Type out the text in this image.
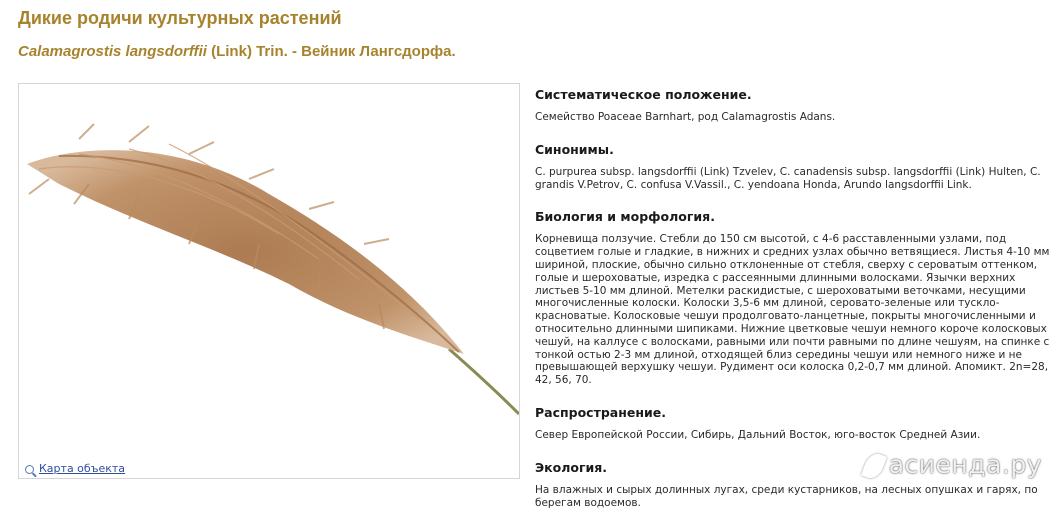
Дикие родичи культурных растений
Calamagrostis langsdorffii (Link) Trin. - Вейник Лангсдорфа.
Карта объекта
Систематическое положение.

Семейство Poaceae Barnhart, род Calamagrostis Adans.

Синонимы.

C. purpurea subsp. langsdorffii (Link) Tzvelev, C. canadensis subsp. langsdorffii (Link) Hulten, C. grandis V.Petrov, C. confusa V.Vassil., C. yendoana Honda, Arundo langsdorffii Link.

Биология и морфология.

Корневища ползучие. Стебли до 150 см высотой, с 4-6 расставленными узлами, под соцветием голые и гладкие, в нижних и средних узлах обычно ветвящиеся. Листья 4-10 мм шириной, плоские, обычно сильно отклоненные от стебля, сверху с сероватым оттенком, голые и шероховатые, изредка с рассеянными длинными волосками. Язычки верхних листьев 5-10 мм длиной. Метелки раскидистые, с шероховатыми веточками, несущими многочисленные колоски. Колоски 3,5-6 мм длиной, серовато-зеленые или тускло-красноватые. Колосковые чешуи продолговато-ланцетные, покрыты многочисленными и относительно длинными шипиками. Нижние цветковые чешуи немного короче колосковых чешуй, на каллусе с волосками, равными или почти равными по длине чешуям, на спинке с тонкой остью 2-3 мм длиной, отходящей близ середины чешуи или немного ниже и не превышающей верхушку чешуи. Рудимент оси колоска 0,2-0,7 мм длиной. Апомикт. 2n=28, 42, 56, 70.

Распространение.

Север Европейской России, Сибирь, Дальний Восток, юго-восток Средней Азии.

Экология.

На влажных и сырых долинных лугах, среди кустарников, на лесных опушках и гарях, по берегам водоемов.

асиенда.ру
